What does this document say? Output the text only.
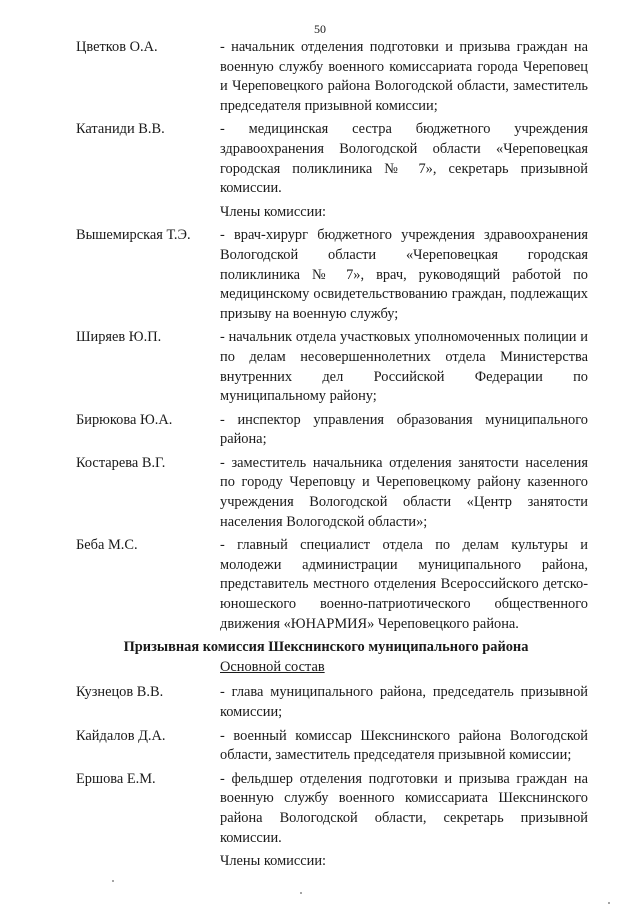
50
Цветков О.А.	- начальник отделения подготовки и призыва граждан на военную службу военного комиссариата города Череповец и Череповецкого района Вологодской области, заместитель председателя призывной комиссии;
Катаниди В.В.	- медицинская сестра бюджетного учреждения здравоохранения Вологодской области «Череповецкая городская поликлиника № 7», секретарь призывной комиссии.
Члены комиссии:
Вышемирская Т.Э.	- врач-хирург бюджетного учреждения здравоохранения Вологодской области «Череповецкая городская поликлиника № 7», врач, руководящий работой по медицинскому освидетельствованию граждан, подлежащих призыву на военную службу;
Ширяев Ю.П.	- начальник отдела участковых уполномоченных полиции и по делам несовершеннолетних отдела Министерства внутренних дел Российской Федерации по муниципальному району;
Бирюкова Ю.А.	- инспектор управления образования муниципального района;
Костарева В.Г.	- заместитель начальника отделения занятости населения по городу Череповцу и Череповецкому району казенного учреждения Вологодской области «Центр занятости населения Вологодской области»;
Беба М.С.	- главный специалист отдела по делам культуры и молодежи администрации муниципального района, представитель местного отделения Всероссийского детско-юношеского военно-патриотического общественного движения «ЮНАРМИЯ» Череповецкого района.
Призывная комиссия Шекснинского муниципального района
Основной состав
Кузнецов В.В.	- глава муниципального района, председатель призывной комиссии;
Кайдалов Д.А.	- военный комиссар Шекснинского района Вологодской области, заместитель председателя призывной комиссии;
Ершова Е.М.	- фельдшер отделения подготовки и призыва граждан на военную службу военного комиссариата Шекснинского района Вологодской области, секретарь призывной комиссии.
Члены комиссии:
